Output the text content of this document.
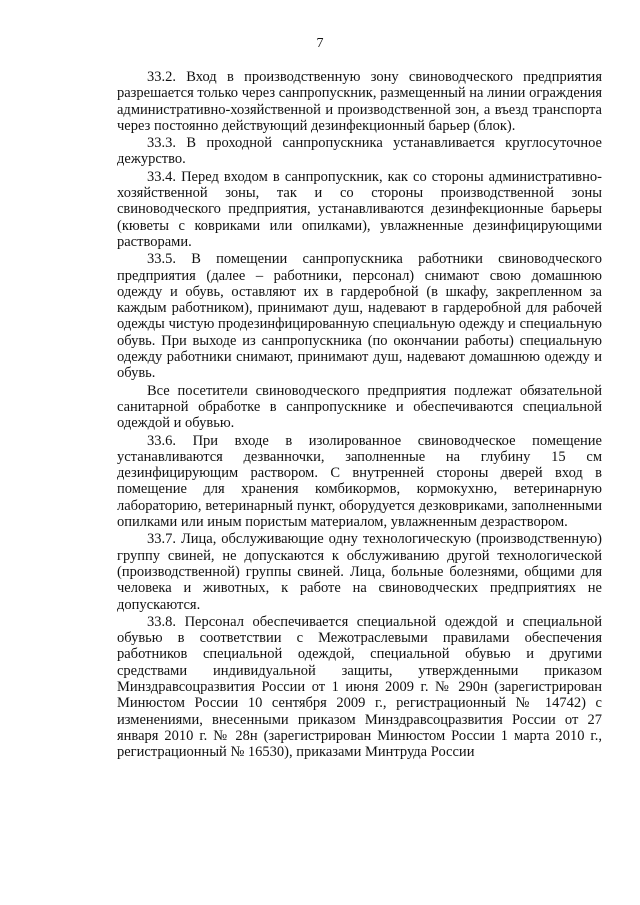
7

33.2. Вход в производственную зону свиноводческого предприятия разрешается только через санпропускник, размещенный на линии ограждения административно-хозяйственной и производственной зон, а въезд транспорта через постоянно действующий дезинфекционный барьер (блок).

33.3. В проходной санпропускника устанавливается круглосуточное дежурство.

33.4. Перед входом в санпропускник, как со стороны административно-хозяйственной зоны, так и со стороны производственной зоны свиноводческого предприятия, устанавливаются дезинфекционные барьеры (кюветы с ковриками или опилками), увлажненные дезинфицирующими растворами.

33.5. В помещении санпропускника работники свиноводческого предприятия (далее – работники, персонал) снимают свою домашнюю одежду и обувь, оставляют их в гардеробной (в шкафу, закрепленном за каждым работником), принимают душ, надевают в гардеробной для рабочей одежды чистую продезинфицированную специальную одежду и специальную обувь. При выходе из санпропускника (по окончании работы) специальную одежду работники снимают, принимают душ, надевают домашнюю одежду и обувь.

Все посетители свиноводческого предприятия подлежат обязательной санитарной обработке в санпропускнике и обеспечиваются специальной одеждой и обувью.

33.6. При входе в изолированное свиноводческое помещение устанавливаются дезванночки, заполненные на глубину 15 см дезинфицирующим раствором. С внутренней стороны дверей вход в помещение для хранения комбикормов, кормокухню, ветеринарную лабораторию, ветеринарный пункт, оборудуется дезковриками, заполненными опилками или иным пористым материалом, увлажненным дезраствором.

33.7. Лица, обслуживающие одну технологическую (производственную) группу свиней, не допускаются к обслуживанию другой технологической (производственной) группы свиней. Лица, больные болезнями, общими для человека и животных, к работе на свиноводческих предприятиях не допускаются.

33.8. Персонал обеспечивается специальной одеждой и специальной обувью в соответствии с Межотраслевыми правилами обеспечения работников специальной одеждой, специальной обувью и другими средствами индивидуальной защиты, утвержденными приказом Минздравсоцразвития России от 1 июня 2009 г. № 290н (зарегистрирован Минюстом России 10 сентября 2009 г., регистрационный № 14742) с изменениями, внесенными приказом Минздравсоцразвития России от 27 января 2010 г. № 28н (зарегистрирован Минюстом России 1 марта 2010 г., регистрационный № 16530), приказами Минтруда России
